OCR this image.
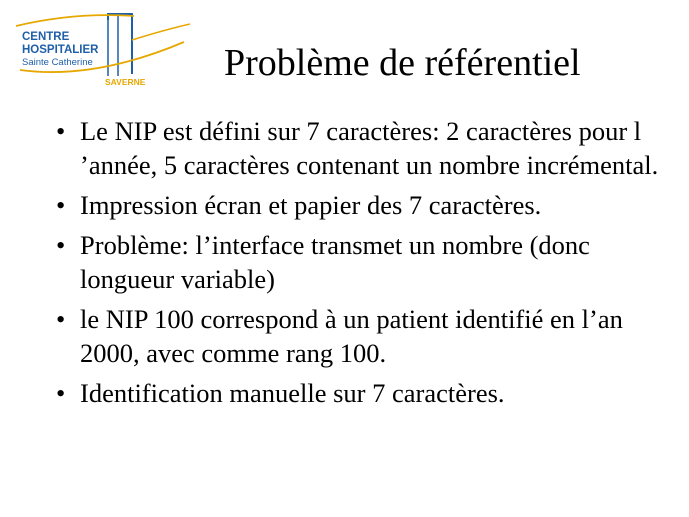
CENTRE
HOSPITALIER
Sainte Catherine
SAVERNE Problème de référentiel
• Le NIP est défini sur 7 caractères: 2 caractères pour l ’année, 5 caractères contenant un nombre incrémental.
• Impression écran et papier des 7 caractères.
• Problème: l’interface transmet un nombre (donc longueur variable)
• le NIP 100 correspond à un patient identifié en l’an 2000, avec comme rang 100.
• Identification manuelle sur 7 caractères.
